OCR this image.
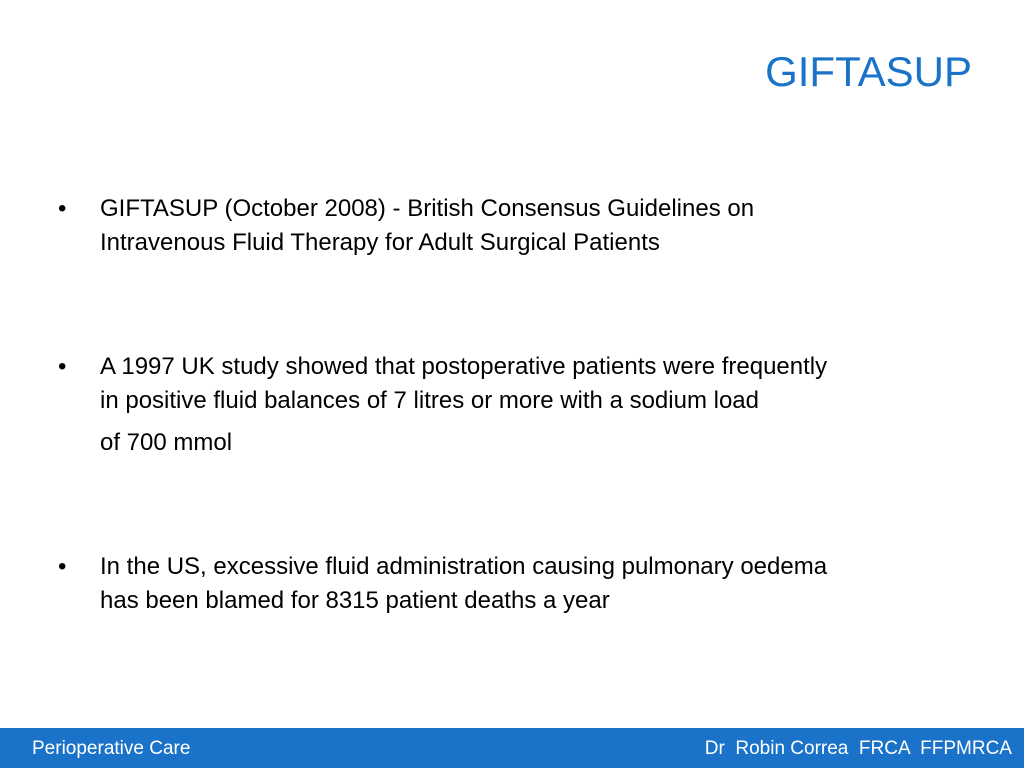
GIFTASUP
• GIFTASUP (October 2008) - British Consensus Guidelines on
Intravenous Fluid Therapy for Adult Surgical Patients
• A 1997 UK study showed that postoperative patients were frequently
in positive fluid balances of 7 litres or more with a sodium load
of 700 mmol
• In the US, excessive fluid administration causing pulmonary oedema
has been blamed for 8315 patient deaths a year
Perioperative Care	Dr  Robin Correa  FRCA  FFPMRCA
